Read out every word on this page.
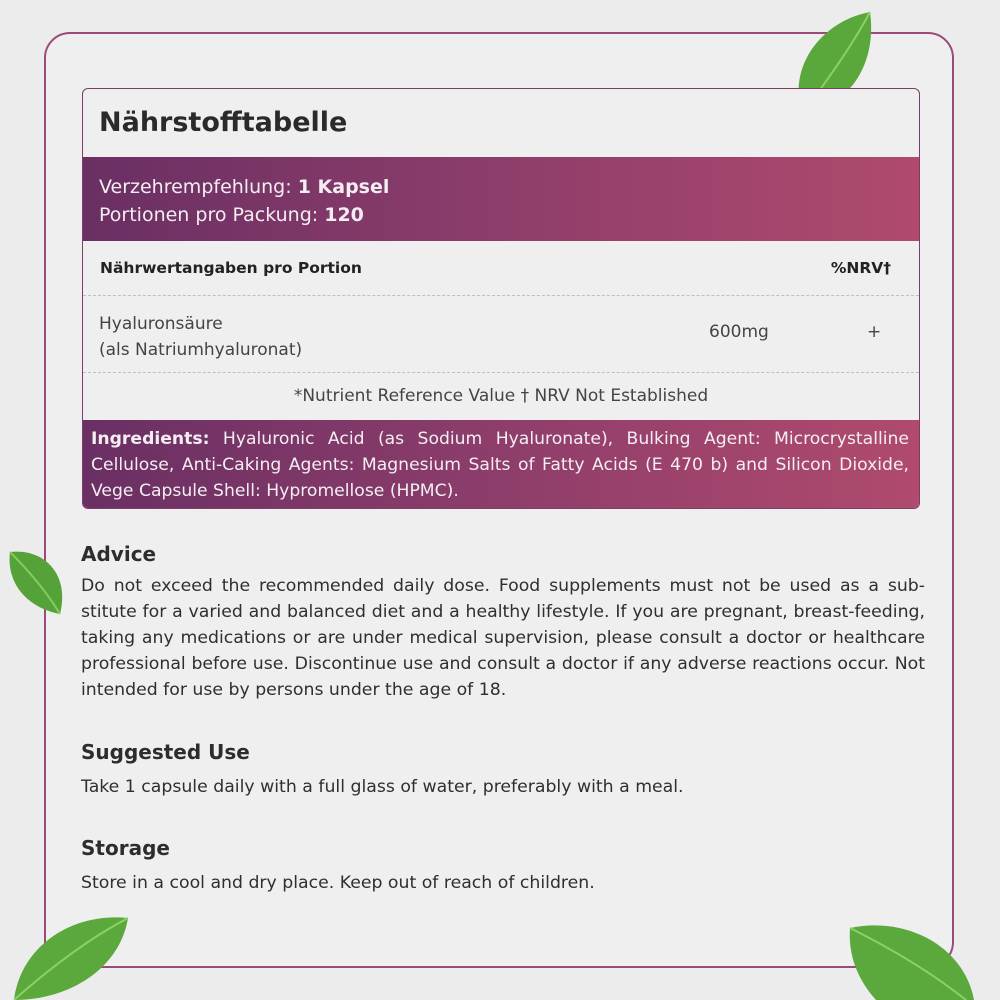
Nährstofftabelle
Verzehrempfehlung: 1 Kapsel
Portionen pro Packung: 120
Nährwertangaben pro Portion	%NRV†
Hyaluronsäure
(als Natriumhyaluronat)
600mg	+
*Nutrient Reference Value † NRV Not Established
Ingredients: Hyaluronic Acid (as Sodium Hyaluronate), Bulking Agent: Microcrystalline Cellulose, Anti-Caking Agents: Magnesium Salts of Fatty Acids (E 470 b) and Silicon Dioxide, Vege Capsule Shell: Hypromellose (HPMC).
Advice
Do not exceed the recommended daily dose. Food supplements must not be used as a sub-stitute for a varied and balanced diet and a healthy lifestyle. If you are pregnant, breast-feeding, taking any medications or are under medical supervision, please consult a doctor or healthcare professional before use. Discontinue use and consult a doctor if any adverse reactions occur. Not intended for use by persons under the age of 18.
Suggested Use
Take 1 capsule daily with a full glass of water, preferably with a meal.
Storage
Store in a cool and dry place. Keep out of reach of children.
